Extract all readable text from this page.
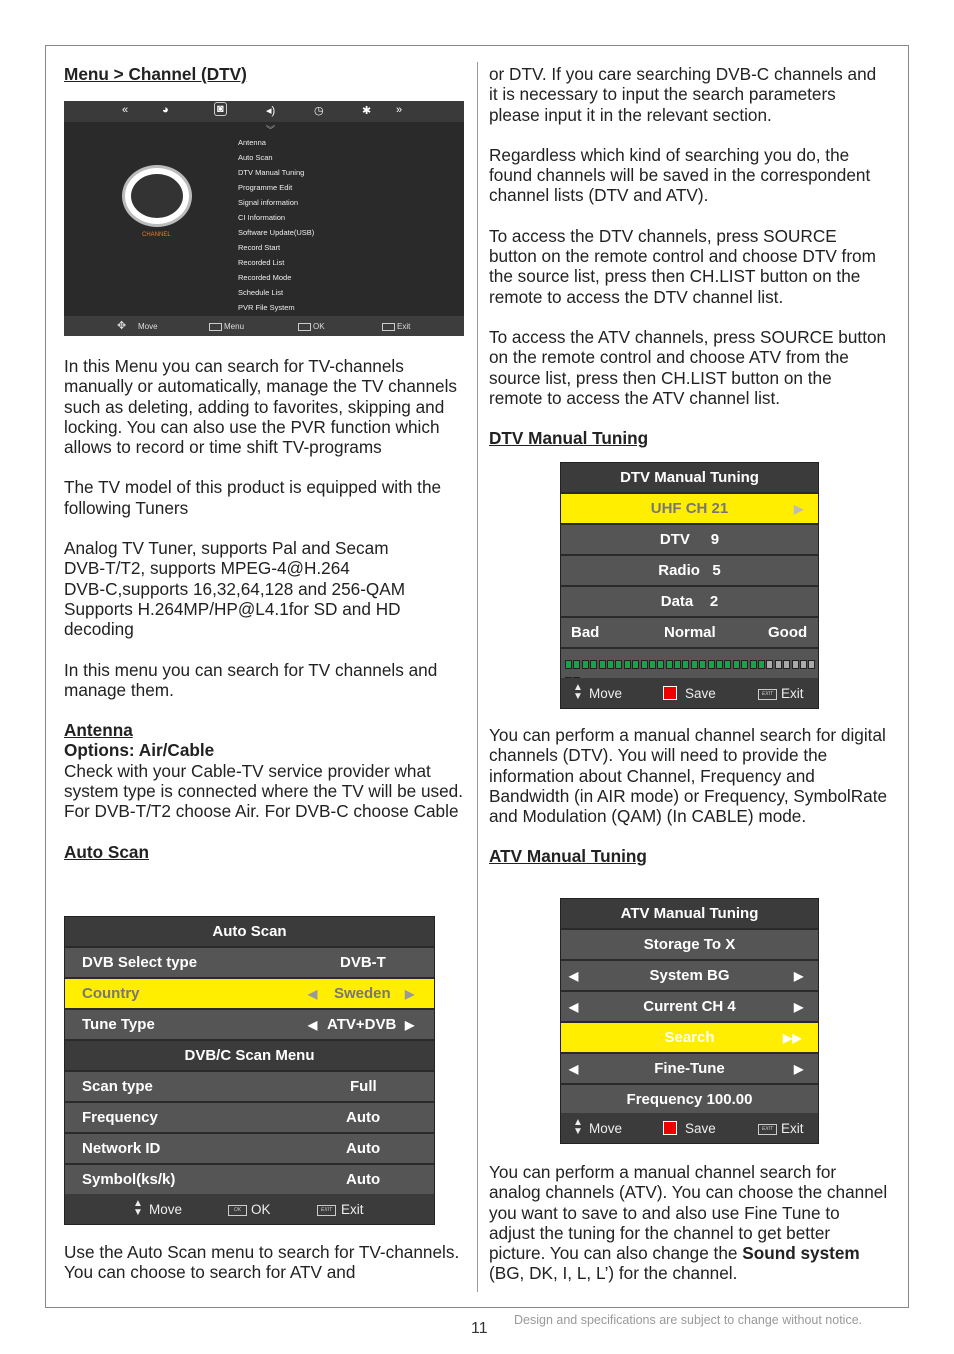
Menu > Channel (DTV)

«	◕	◙	◂)	◷	✱ »
︾
CHANNEL
Antenna
Auto Scan
DTV Manual Tuning
Programme Edit
Signal information
CI Information
Software Update(USB)
Record Start
Recorded List
Recorded Mode
Schedule List
PVR File System
✥ Move	Menu	OK	Exit

In this Menu you can search for TV-channels manually or automatically, manage the TV channels such as deleting, adding to favorites, skipping and locking. You can also use the PVR function which allows to record or time shift TV-programs

The TV model of this product is equipped with the following Tuners

Analog TV Tuner, supports Pal and Secam

DVB-T/T2, supports MPEG-4@H.264

DVB-C,supports 16,32,64,128 and 256-QAM

Supports H.264MP/HP@L4.1for SD and HD decoding

In this menu you can search for TV channels and manage them.

Antenna

Options: Air/Cable

Check with your Cable-TV service provider what system type is connected where the TV will be used. For DVB-T/T2 choose Air. For DVB-C choose Cable

Auto Scan

Auto Scan
DVB Select type	DVB-T
Country	◀ Sweden ▶
Tune Type	◀ ATV+DVB ▶
DVB/C Scan Menu
Scan type	Full
Frequency	Auto
Network ID	Auto
Symbol(ks/k)	Auto
▲
▼ Move	OK OK	EXIT Exit

Use the Auto Scan menu to search for TV-channels. You can choose to search for ATV and

or DTV. If you care searching DVB-C channels and it is necessary to input the search parameters please input it in the relevant section.

Regardless which kind of searching you do, the found channels will be saved in the correspondent channel lists (DTV and ATV).

To access the DTV channels, press SOURCE button on the remote control and choose DTV from the source list, press then CH.LIST button on the remote to access the DTV channel list.

To access the ATV channels, press SOURCE button on the remote control and choose ATV from the source list, press then CH.LIST button on the remote to access the ATV channel list.

DTV Manual Tuning

DTV Manual Tuning
UHF CH 21	▶
DTV     9
Radio   5
Data    2
Bad	Normal	Good
▲
▼ Move	Save	EXIT Exit

You can perform a manual channel search for digital channels (DTV). You will need to provide the information about Channel, Frequency and Bandwidth (in AIR mode) or Frequency, SymbolRate and Modulation (QAM) (In CABLE) mode.

ATV Manual Tuning

ATV Manual Tuning
Storage To X
◀	System BG	▶
◀	Current CH 4	▶
Search	▶▶
◀	Fine-Tune	▶
Frequency 100.00
▲
▼ Move	Save	EXIT Exit

You can perform a manual channel search for analog channels (ATV). You can choose the channel you want to save to and also use Fine Tune to adjust the tuning for the channel to get better picture. You can also change the Sound system (BG, DK, I, L, L’) for the channel.

11 Design and specifications are subject to change without notice.
